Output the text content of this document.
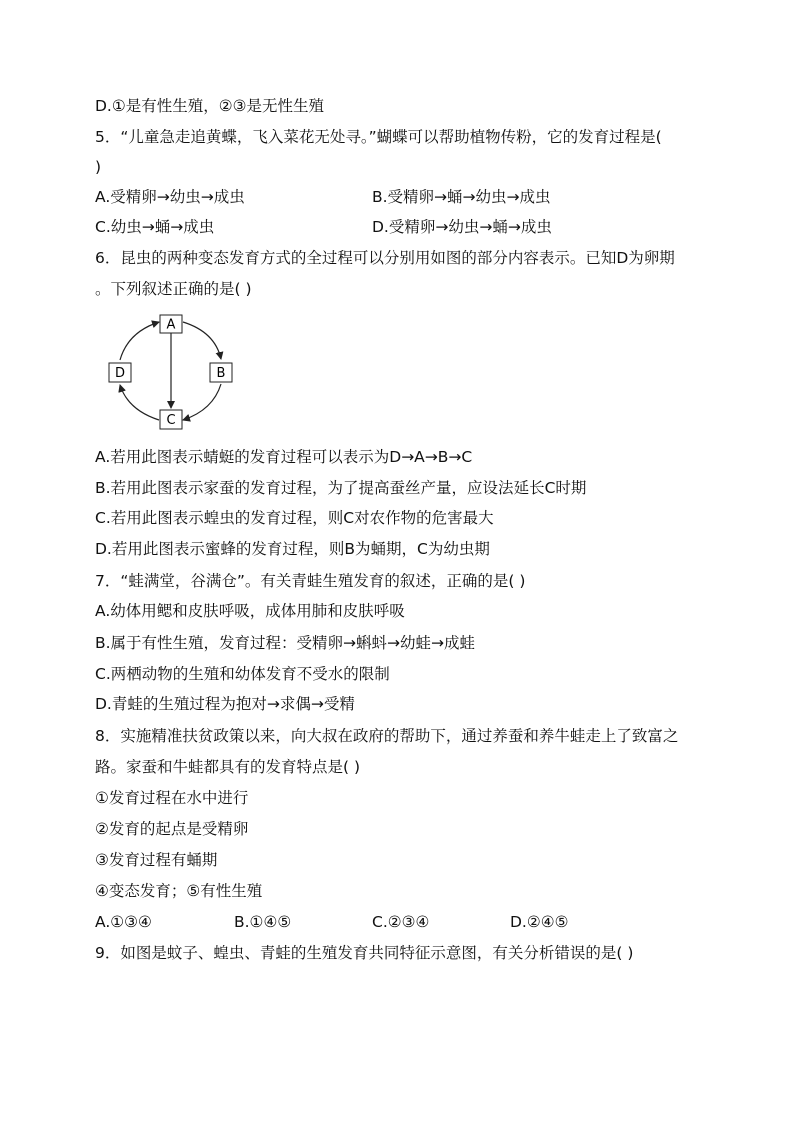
D.①是有性生殖，②③是无性生殖
5．“儿童急走追黄蝶，飞入菜花无处寻。”蝴蝶可以帮助植物传粉，它的发育过程是(
)
A.受精卵→幼虫→成虫	B.受精卵→蛹→幼虫→成虫
C.幼虫→蛹→成虫	D.受精卵→幼虫→蛹→成虫
6．昆虫的两种变态发育方式的全过程可以分别用如图的部分内容表示。已知D为卵期
。下列叙述正确的是( )
A
B
C
D
A.若用此图表示蜻蜓的发育过程可以表示为D→A→B→C
B.若用此图表示家蚕的发育过程，为了提高蚕丝产量，应设法延长C时期
C.若用此图表示蝗虫的发育过程，则C对农作物的危害最大
D.若用此图表示蜜蜂的发育过程，则B为蛹期，C为幼虫期
7．“蛙满堂，谷满仓”。有关青蛙生殖发育的叙述，正确的是( )
A.幼体用鳃和皮肤呼吸，成体用肺和皮肤呼吸
B.属于有性生殖，发育过程：受精卵→蝌蚪→幼蛙→成蛙
C.两栖动物的生殖和幼体发育不受水的限制
D.青蛙的生殖过程为抱对→求偶→受精
8．实施精准扶贫政策以来，向大叔在政府的帮助下，通过养蚕和养牛蛙走上了致富之
路。家蚕和牛蛙都具有的发育特点是( )
①发育过程在水中进行
②发育的起点是受精卵
③发育过程有蛹期
④变态发育；⑤有性生殖
A.①③④	B.①④⑤	C.②③④	D.②④⑤
9．如图是蚊子、蝗虫、青蛙的生殖发育共同特征示意图，有关分析错误的是( )
